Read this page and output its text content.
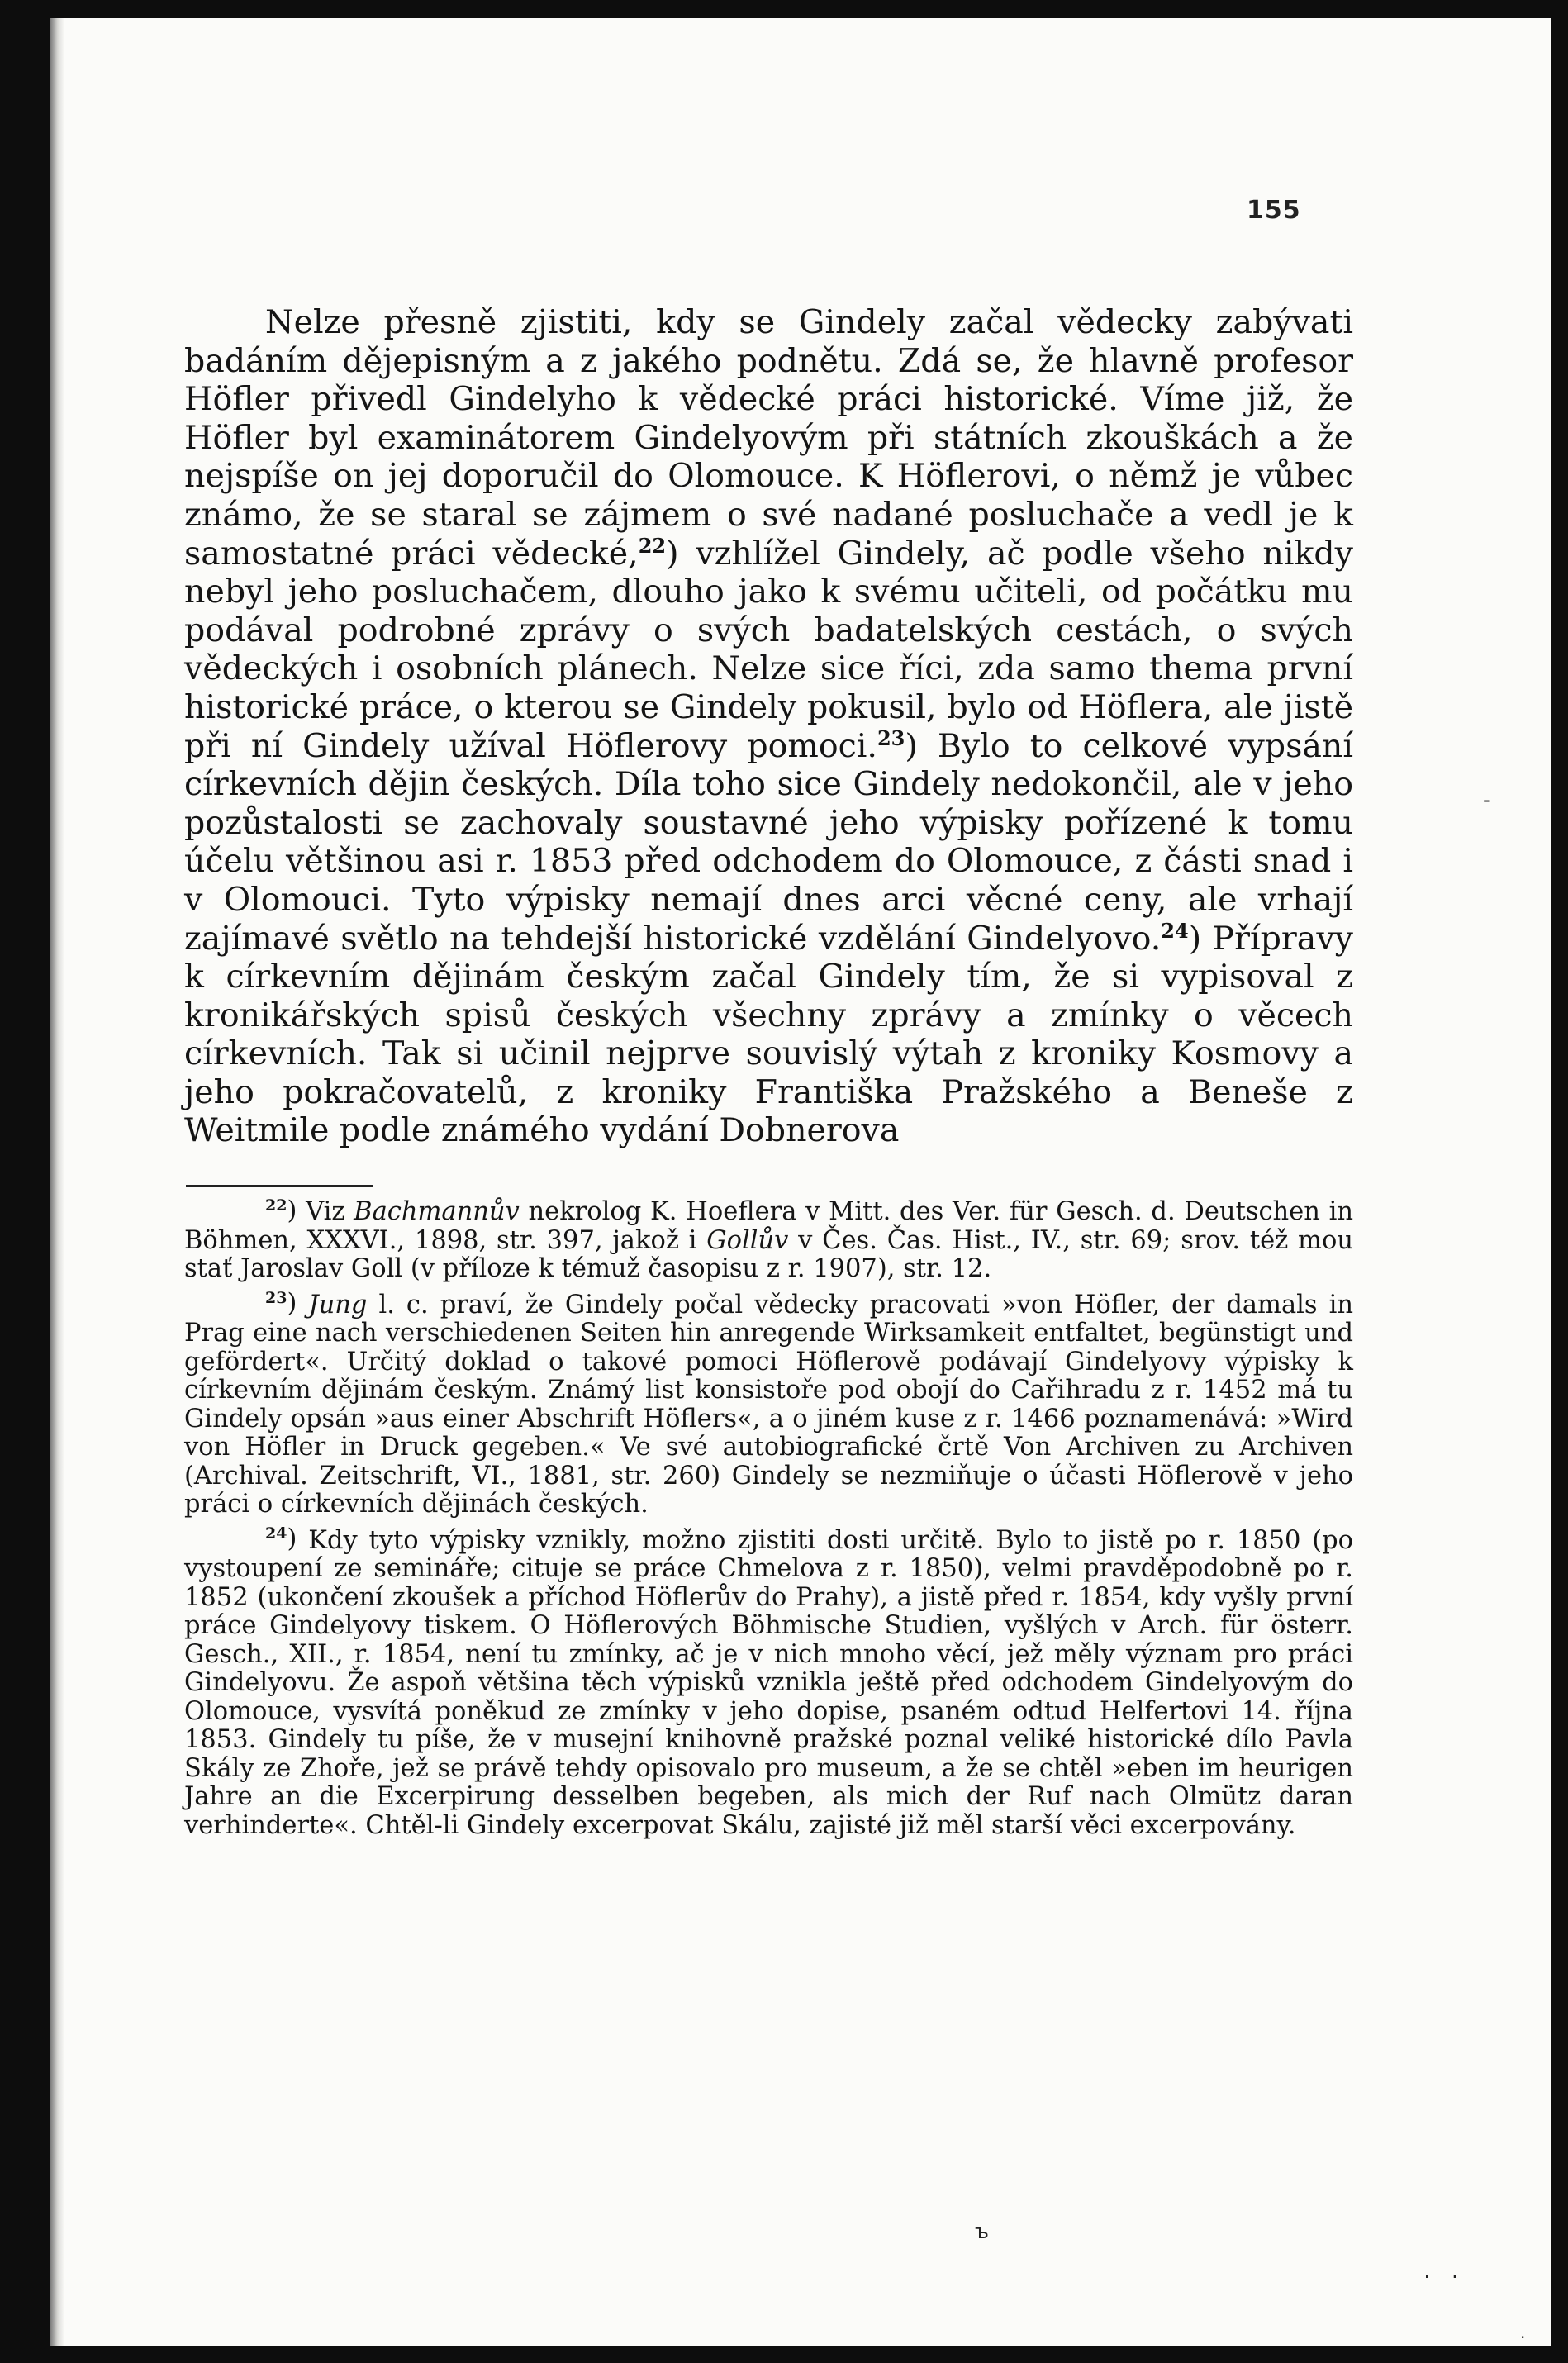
155

Nelze přesně zjistiti, kdy se Gindely začal vědecky zabývati badáním dějepisným a z jakého podnětu. Zdá se, že hlavně profesor Höfler přivedl Gindelyho k vědecké práci historické. Víme již, že Höfler byl examinátorem Gindelyovým při státních zkouškách a že nejspíše on jej doporučil do Olomouce. K Höflerovi, o němž je vůbec známo, že se staral se zájmem o své nadané posluchače a vedl je k samostatné práci vědecké,$^{22}$) vzhlížel Gindely, ač podle všeho nikdy nebyl jeho posluchačem, dlouho jako k svému učiteli, od počátku mu podával podrobné zprávy o svých badatelských cestách, o svých vědeckých i osobních plánech. Nelze sice říci, zda samo thema první historické práce, o kterou se Gindely pokusil, bylo od Höflera, ale jistě při ní Gindely užíval Höflerovy pomoci.$^{23}$) Bylo to celkové vypsání církevních dějin českých. Díla toho sice Gindely nedokončil, ale v jeho pozůstalosti se zachovaly soustavné jeho výpisky pořízené k tomu účelu většinou asi r. 1853 před odchodem do Olomouce, z části snad i v Olomouci. Tyto výpisky nemají dnes arci věcné ceny, ale vrhají zajímavé světlo na tehdejší historické vzdělání Gindelyovo.$^{24}$) Přípravy k církevním dějinám českým začal Gindely tím, že si vypisoval z kronikářských spisů českých všechny zprávy a zmínky o věcech církevních. Tak si učinil nejprve souvislý výtah z kroniky Kosmovy a jeho pokračovatelů, z kroniky Františka Pražského a Beneše z Weitmile podle známého vydání Dobnerova

$^{22}$ ) Viz Bachmannův nekrolog K. Hoeflera v Mitt. des Ver. für Gesch. d. Deutschen in Böhmen, XXXVI., 1898, str. 397, jakož i Gollův v Čes. Čas. Hist., IV., str. 69; srov. též mou stať Jaroslav Goll (v příloze k témuž časopisu z r. 1907), str. 12.

$^{23}$ ) Jung l. c. praví, že Gindely počal vědecky pracovati »von Höfler, der damals in Prag eine nach verschiedenen Seiten hin anregende Wirksamkeit entfaltet, begünstigt und gefördert«. Určitý doklad o takové pomoci Höflerově podávají Gindelyovy výpisky k církevním dějinám českým. Známý list konsistoře pod obojí do Cařihradu z r. 1452 má tu Gindely opsán »aus einer Abschrift Höflers«, a o jiném kuse z r. 1466 poznamenává: »Wird von Höfler in Druck gegeben.« Ve své autobiografické črtě Von Archiven zu Archiven (Archival. Zeitschrift, VI., 1881, str. 260) Gindely se nezmiňuje o účasti Höflerově v jeho práci o církevních dějinách českých.

$^{24}$ ) Kdy tyto výpisky vznikly, možno zjistiti dosti určitě. Bylo to jistě po r. 1850 (po vystoupení ze semináře; cituje se práce Chmelova z r. 1850), velmi pravděpodobně po r. 1852 (ukončení zkoušek a příchod Höflerův do Prahy), a jistě před r. 1854, kdy vyšly první práce Gindelyovy tiskem. O Höflerových Böhmische Studien, vyšlých v Arch. für österr. Gesch., XII., r. 1854, není tu zmínky, ač je v nich mnoho věcí, jež měly význam pro práci Gindelyovu. Že aspoň většina těch výpisků vznikla ještě před odchodem Gindelyovým do Olomouce, vysvítá poněkud ze zmínky v jeho dopise, psaném odtud Helfertovi 14. října 1853. Gindely tu píše, že v musejní knihovně pražské poznal veliké historické dílo Pavla Skály ze Zhoře, jež se právě tehdy opisovalo pro museum, a že se chtěl »eben im heurigen Jahre an die Excerpirung desselben begeben, als mich der Ruf nach Olmütz daran verhinderte«. Chtěl-li Gindely excerpovat Skálu, zajisté již měl starší věci excerpovány.

-
ъ
· ·
·
